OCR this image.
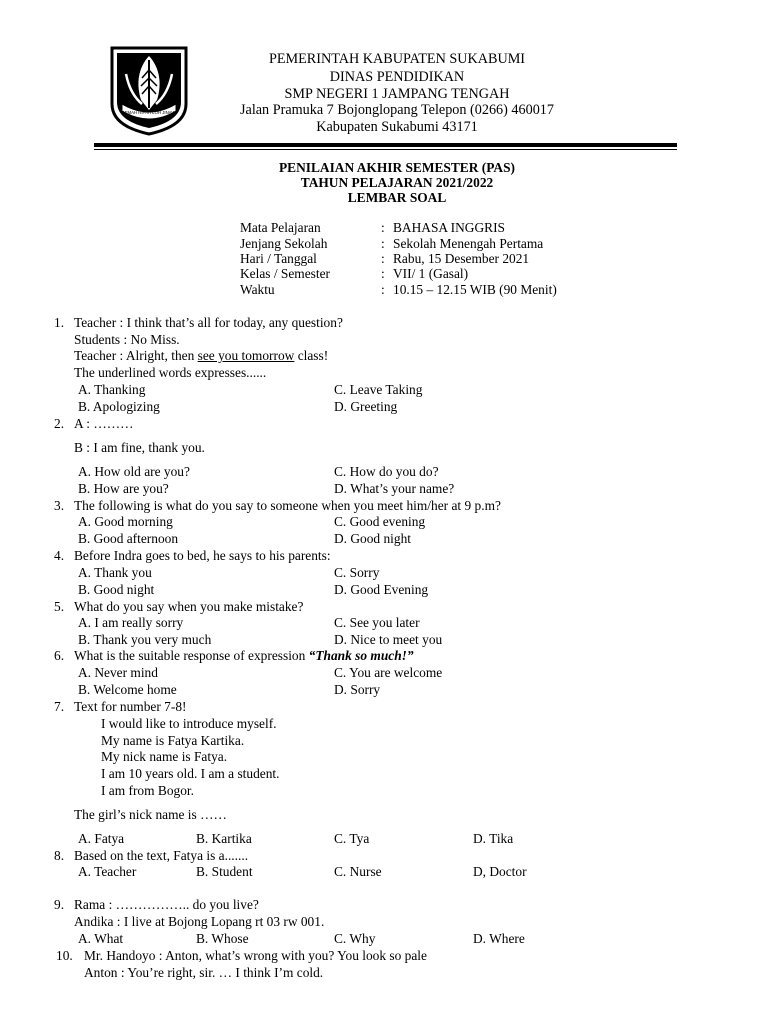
GEMAH RIPAH LOH JINAWI
PEMERINTAH KABUPATEN SUKABUMI
DINAS PENDIDIKAN
SMP NEGERI 1 JAMPANG TENGAH
Jalan Pramuka 7 Bojonglopang Telepon (0266) 460017
Kabupaten Sukabumi 43171
PENILAIAN AKHIR SEMESTER (PAS)
TAHUN PELAJARAN 2021/2022
LEMBAR SOAL
Mata Pelajaran	: BAHASA INGGRIS
Jenjang Sekolah	: Sekolah Menengah Pertama
Hari / Tanggal	: Rabu, 15 Desember 2021
Kelas / Semester	: VII/ 1 (Gasal)
Waktu	: 10.15 – 12.15 WIB (90 Menit)
1. Teacher : I think that’s all for today, any question?
Students : No Miss.
Teacher : Alright, then see you tomorrow class!
The underlined words expresses......
A. Thanking	C. Leave Taking
B. Apologizing	D. Greeting
2. A : ………
B : I am fine, thank you.
A. How old are you?	C. How do you do?
B. How are you?	D. What’s your name?
3. The following is what do you say to someone when you meet him/her at 9 p.m?
A. Good morning	C. Good evening
B. Good afternoon	D. Good night
4. Before Indra goes to bed, he says to his parents:
A. Thank you	C. Sorry
B. Good night	D. Good Evening
5. What do you say when you make mistake?
A. I am really sorry	C. See you later
B. Thank you very much	D. Nice to meet you
6. What is the suitable response of expression “Thank so much!”
A. Never mind	C. You are welcome
B. Welcome home	D. Sorry
7. Text for number 7-8!
I would like to introduce myself.
My name is Fatya Kartika.
My nick name is Fatya.
I am 10 years old. I am a student.
I am from Bogor.
The girl’s nick name is ……
A. Fatya	B. Kartika	C. Tya	D. Tika
8. Based on the text, Fatya is a.......
A. Teacher	B. Student	C. Nurse	D, Doctor
9. Rama : …………….. do you live?
Andika : I live at Bojong Lopang rt 03 rw 001.
A. What	B. Whose	C. Why	D. Where
10. Mr. Handoyo : Anton, what’s wrong with you? You look so pale
Anton : You’re right, sir. … I think I’m cold.
